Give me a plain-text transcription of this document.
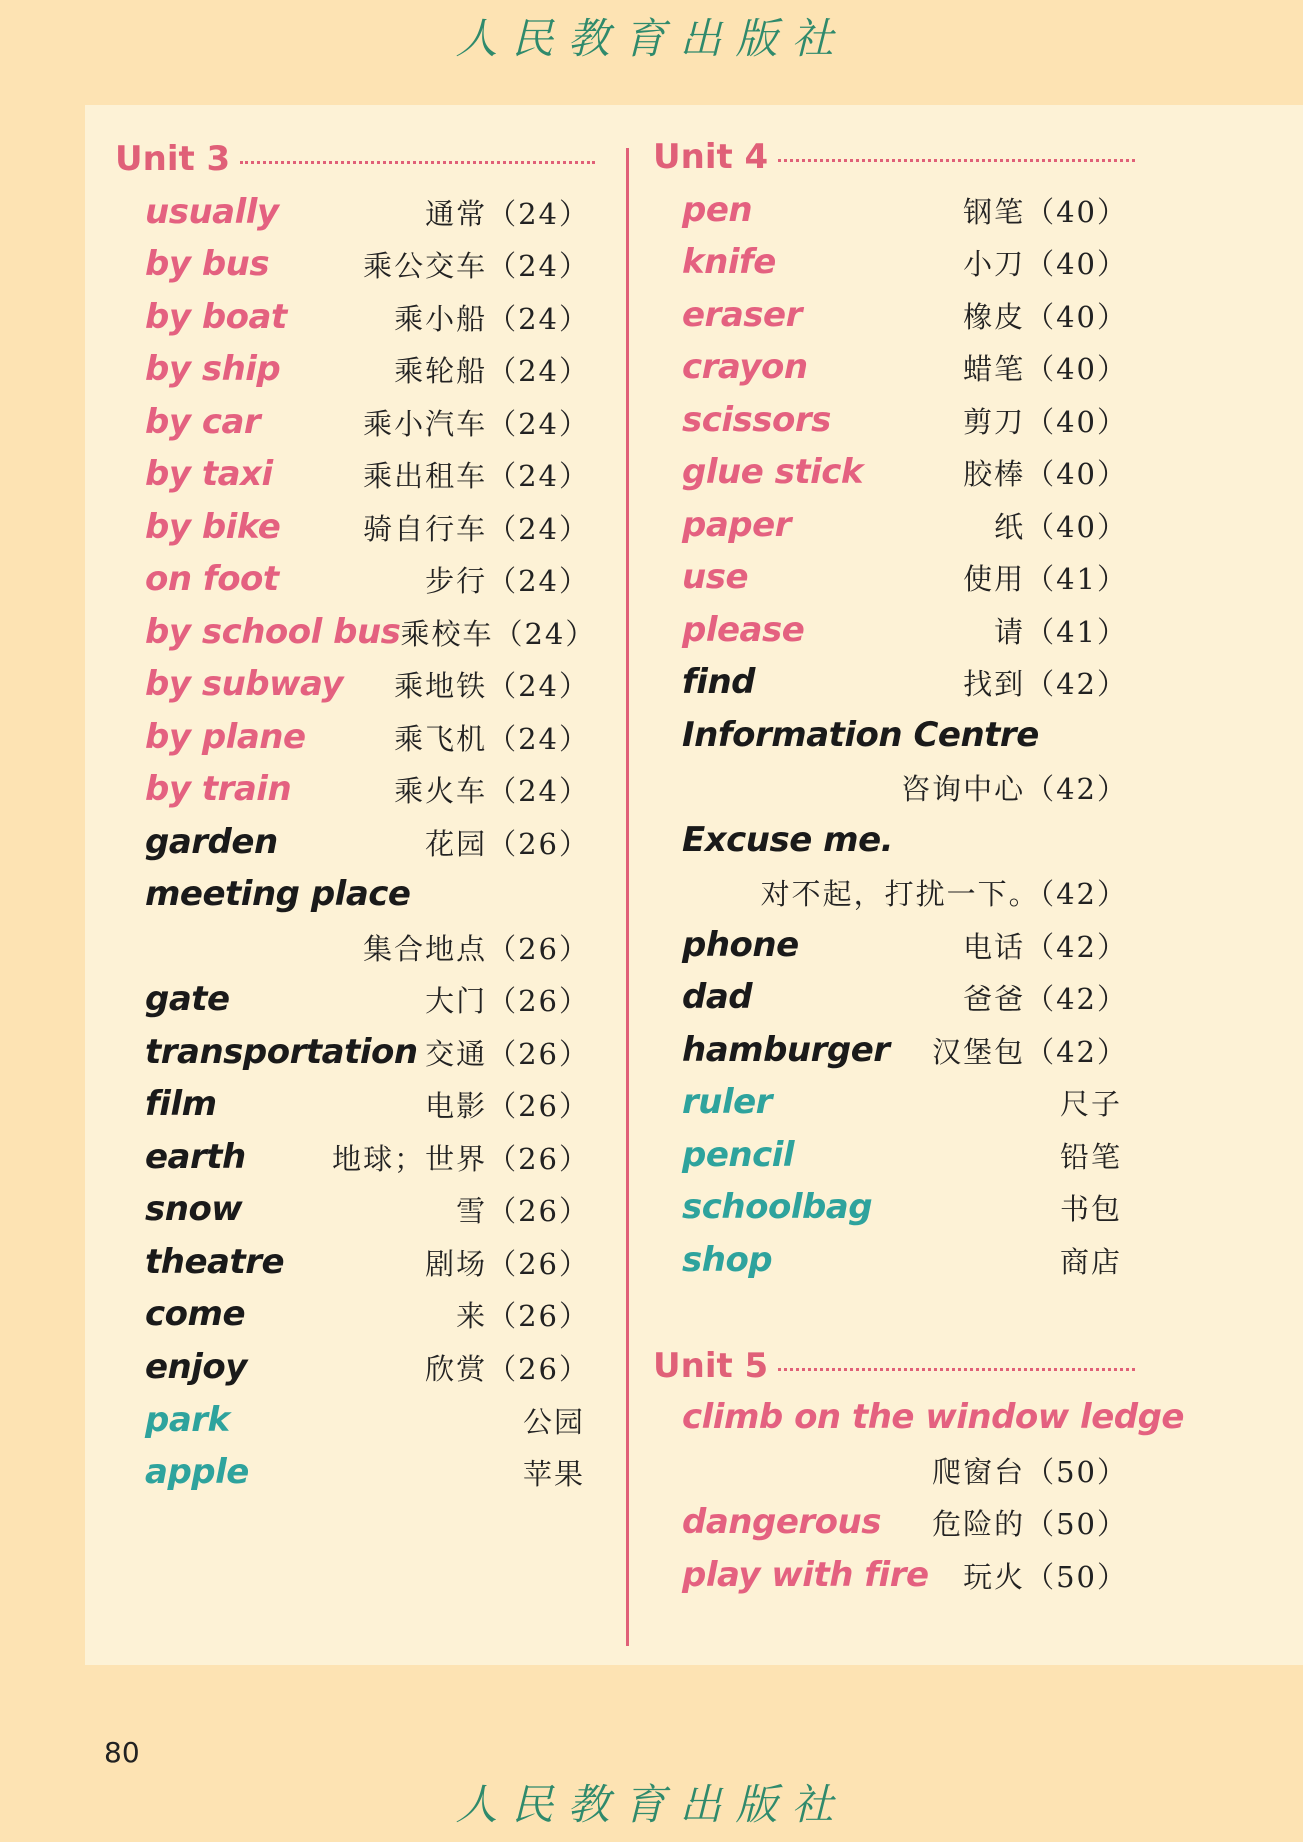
人民教育出版社
Unit 3
usually	通常（24）
by bus	乘公交车（24）
by boat	乘小船（24）
by ship	乘轮船（24）
by car	乘小汽车（24）
by taxi	乘出租车（24）
by bike	骑自行车（24）
on foot	步行（24）
by school bus 乘校车（24）
by subway 乘地铁（24）
by plane	乘飞机（24）
by train	乘火车（24）
garden	花园（26）
meeting place
集合地点（26）
gate	大门（26）
transportation 交通（26）
film	电影（26）
earth	地球；世界（26）
snow	雪（26）
theatre	剧场（26）
come	来（26）
enjoy	欣赏（26）
park	公园
apple	苹果
Unit 4
pen	钢笔（40）
knife	小刀（40）
eraser	橡皮（40）
crayon	蜡笔（40）
scissors	剪刀（40）
glue stick	胶棒（40）
paper	纸（40）
use	使用（41）
please	请（41）
find	找到（42）
Information Centre
咨询中心（42）
Excuse me.
对不起，打扰一下。（42）
phone	电话（42）
dad	爸爸（42）
hamburger 汉堡包（42）
ruler	尺子
pencil	铅笔
schoolbag	书包
shop	商店
Unit 5
climb on the window ledge
爬窗台（50）
dangerous 危险的（50）
play with fire 玩火（50）
80
人民教育出版社
